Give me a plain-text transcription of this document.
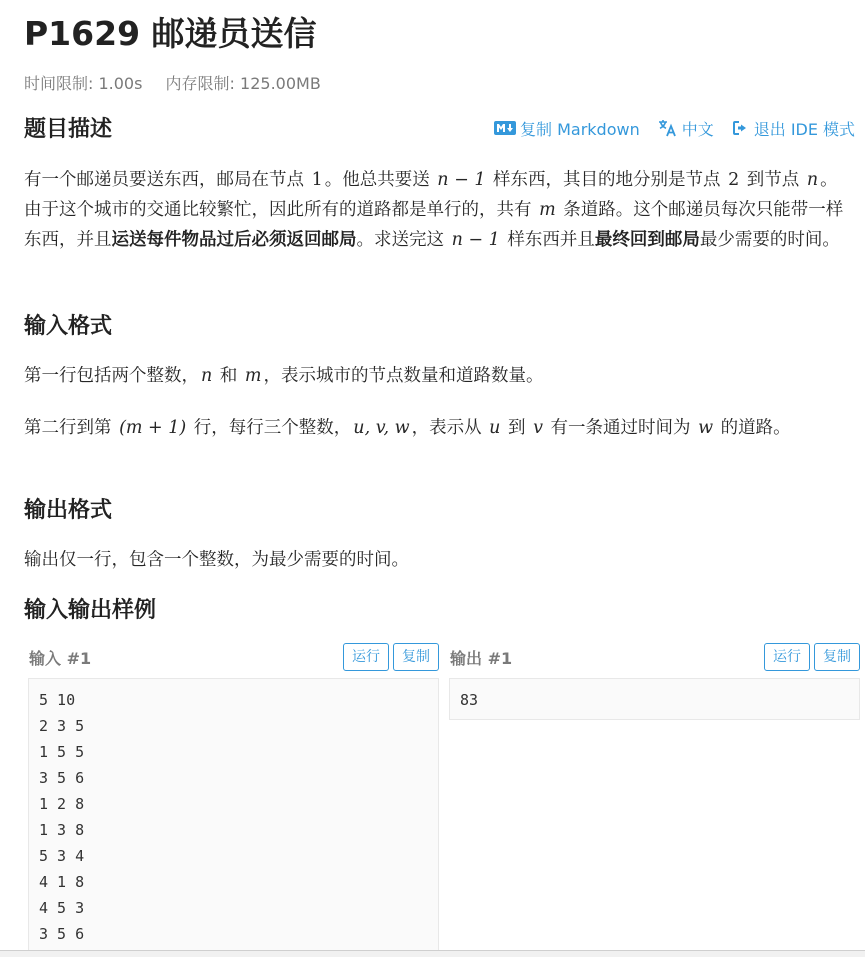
P1629 邮递员送信
时间限制: 1.00s 内存限制: 125.00MB
题目描述	复制 Markdown	中文	退出 IDE 模式

有一个邮递员要送东西，邮局在节点 1 。他总共要送 n − 1 样东西，其目的地分别是节点 2 到节点 n 。由于这个城市的交通比较繁忙，因此所有的道路都是单行的，共有 m 条道路。这个邮递员每次只能带一样东西，并且运送每件物品过后必须返回邮局。求送完这 n − 1 样东西并且最终回到邮局最少需要的时间。

输入格式

第一行包括两个整数， n 和 m ，表示城市的节点数量和道路数量。

第二行到第 (m + 1) 行，每行三个整数， u, v, w ，表示从 u 到 v 有一条通过时间为 w 的道路。

输出格式

输出仅一行，包含一个整数，为最少需要的时间。

输入输出样例
输入 #1	运行	复制	输出 #1	运行	复制
5 10
2 3 5
1 5 5
3 5 6
1 2 8
1 3 8
5 3 4
4 1 8
4 5 3
3 5 6
83
